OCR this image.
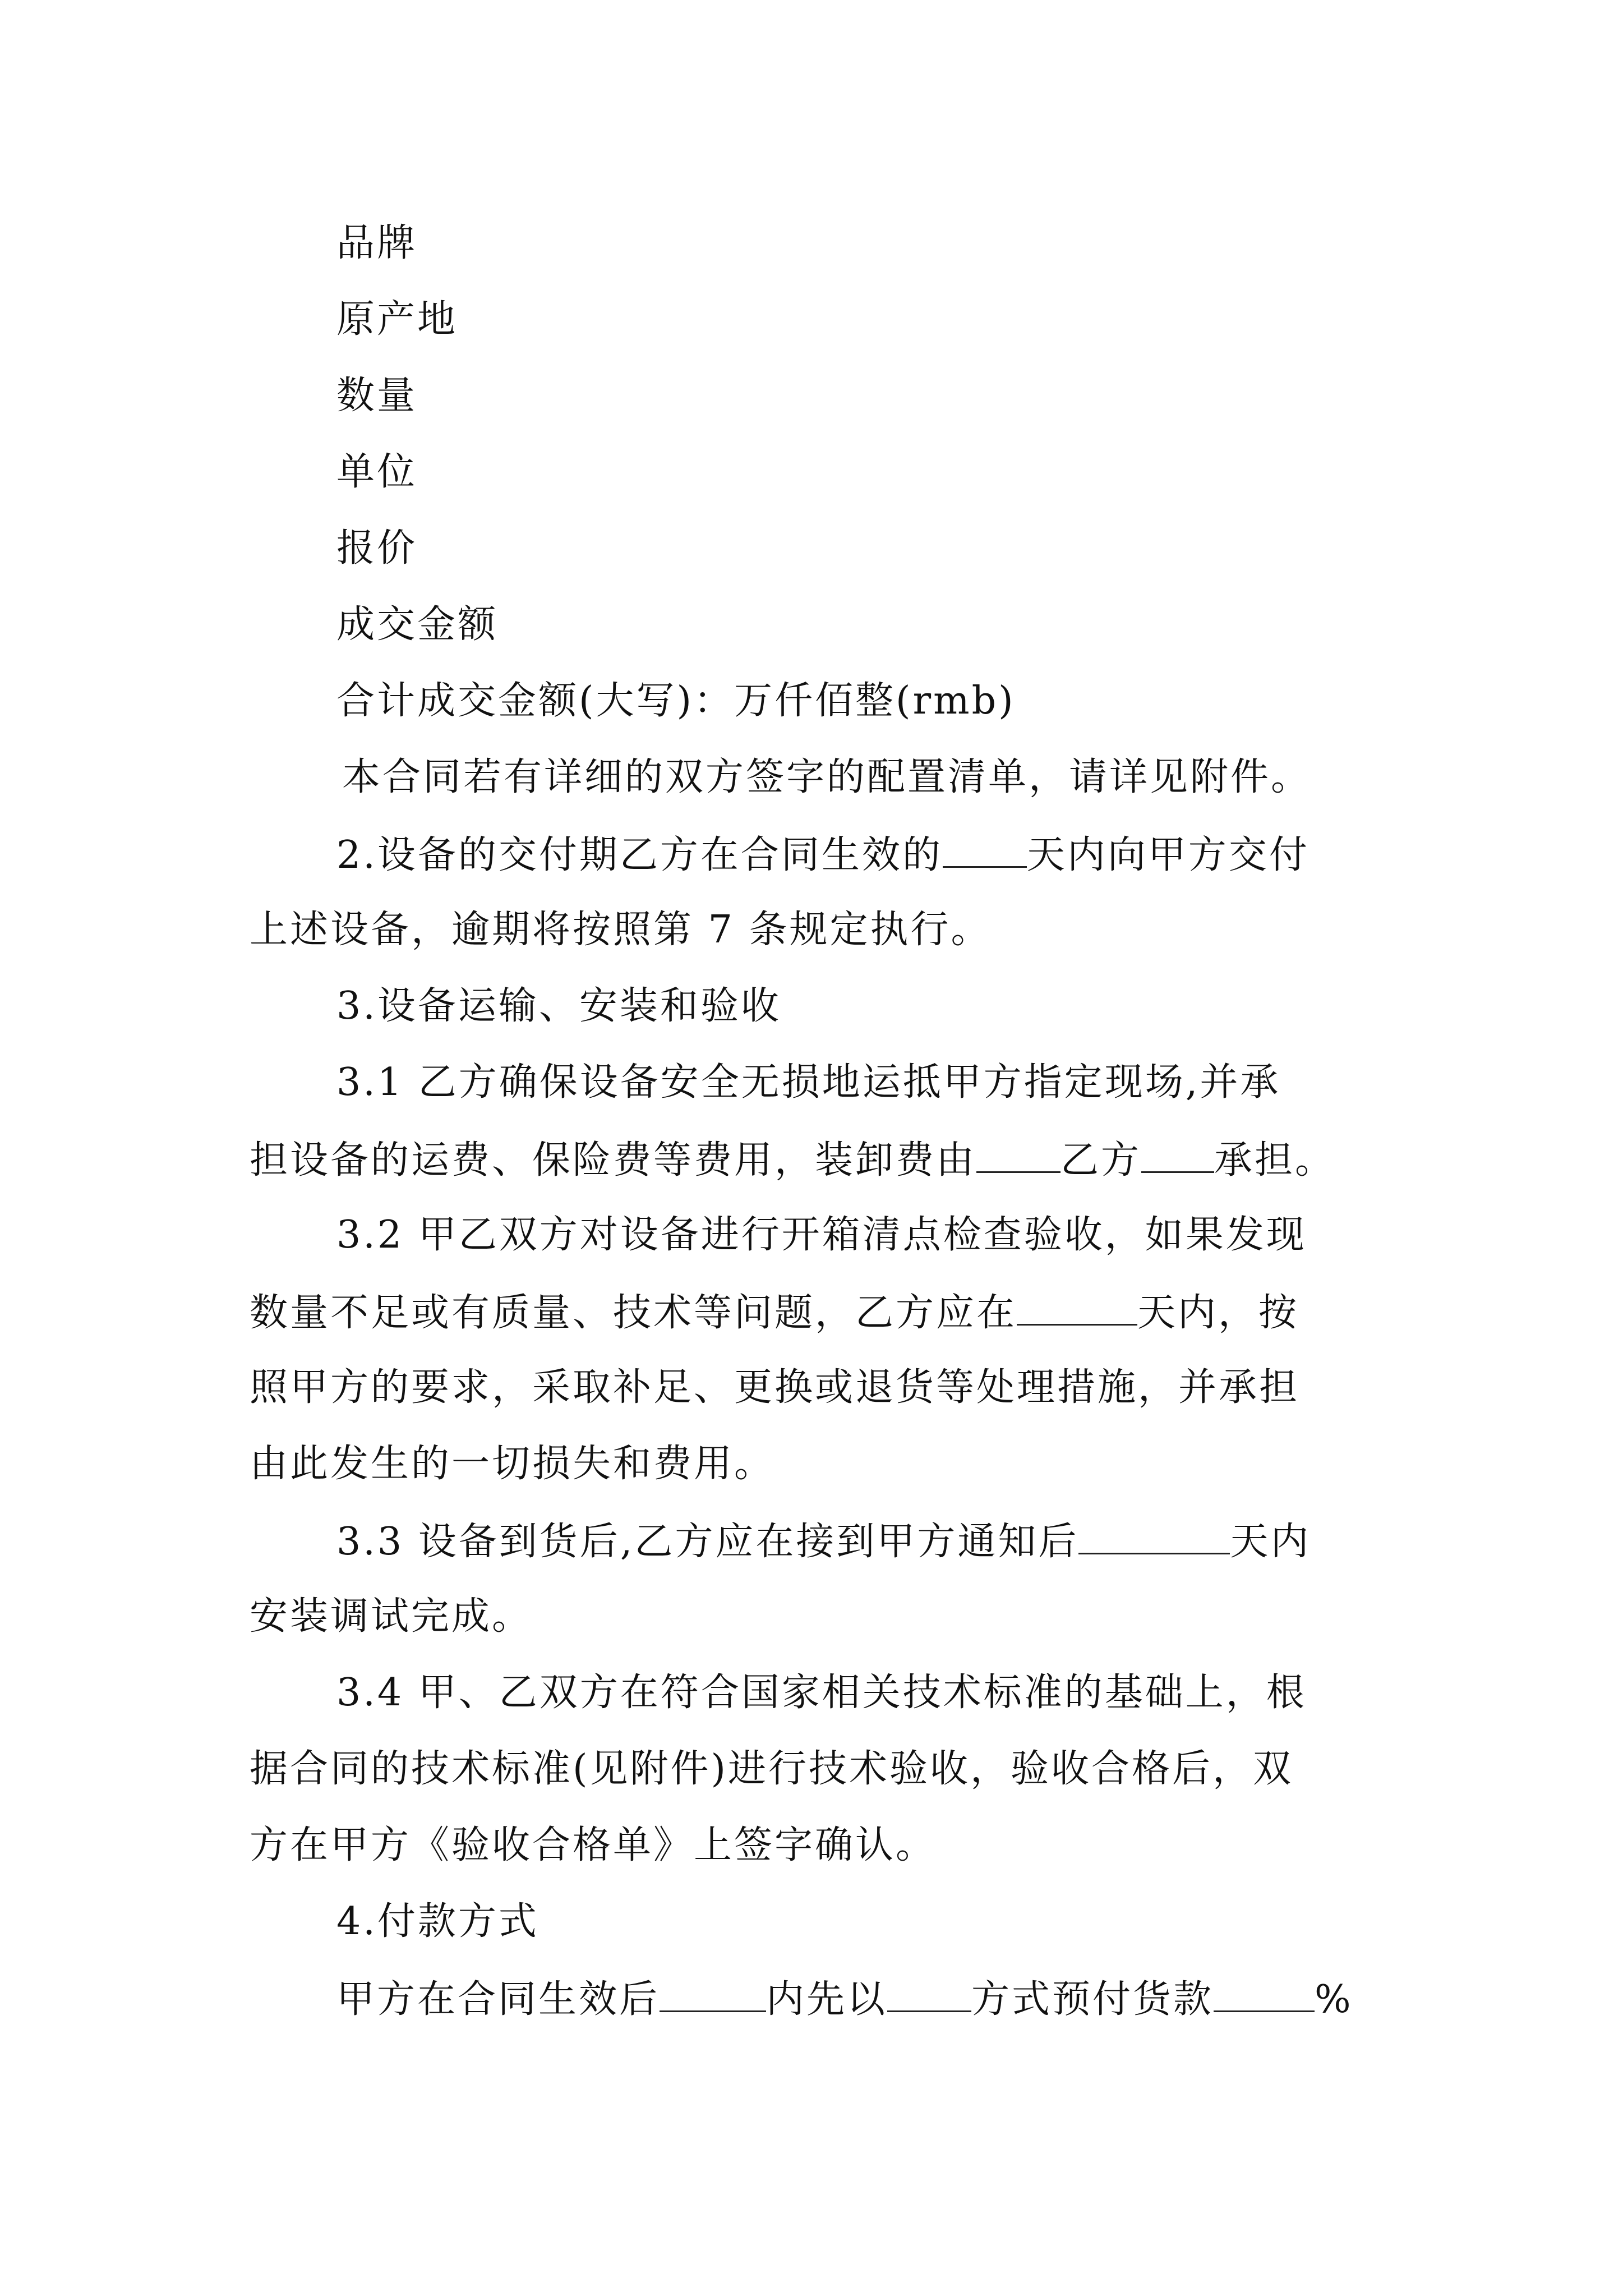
品牌
原产地
数量
单位
报价
成交金额
合计成交金额(大写)：万仟佰整(rmb)
本合同若有详细的双方签字的配置清单，请详见附件。
2.设备的交付期乙方在合同生效的 天内向甲方交付
上述设备，逾期将按照第 7 条规定执行。
3.设备运输、安装和验收
3.1 乙方确保设备安全无损地运抵甲方指定现场,并承
担设备的运费、保险费等费用，装卸费由 乙方 承担。
3.2 甲乙双方对设备进行开箱清点检查验收，如果发现
数量不足或有质量、技术等问题，乙方应在	天内，按
照甲方的要求，采取补足、更换或退货等处理措施，并承担
由此发生的一切损失和费用。
3.3 设备到货后,乙方应在接到甲方通知后	天内
安装调试完成。
3.4 甲、乙双方在符合国家相关技术标准的基础上，根
据合同的技术标准(见附件)进行技术验收，验收合格后，双
方在甲方《验收合格单》上签字确认。
4.付款方式
甲方在合同生效后	内先以 方式预付货款	%
